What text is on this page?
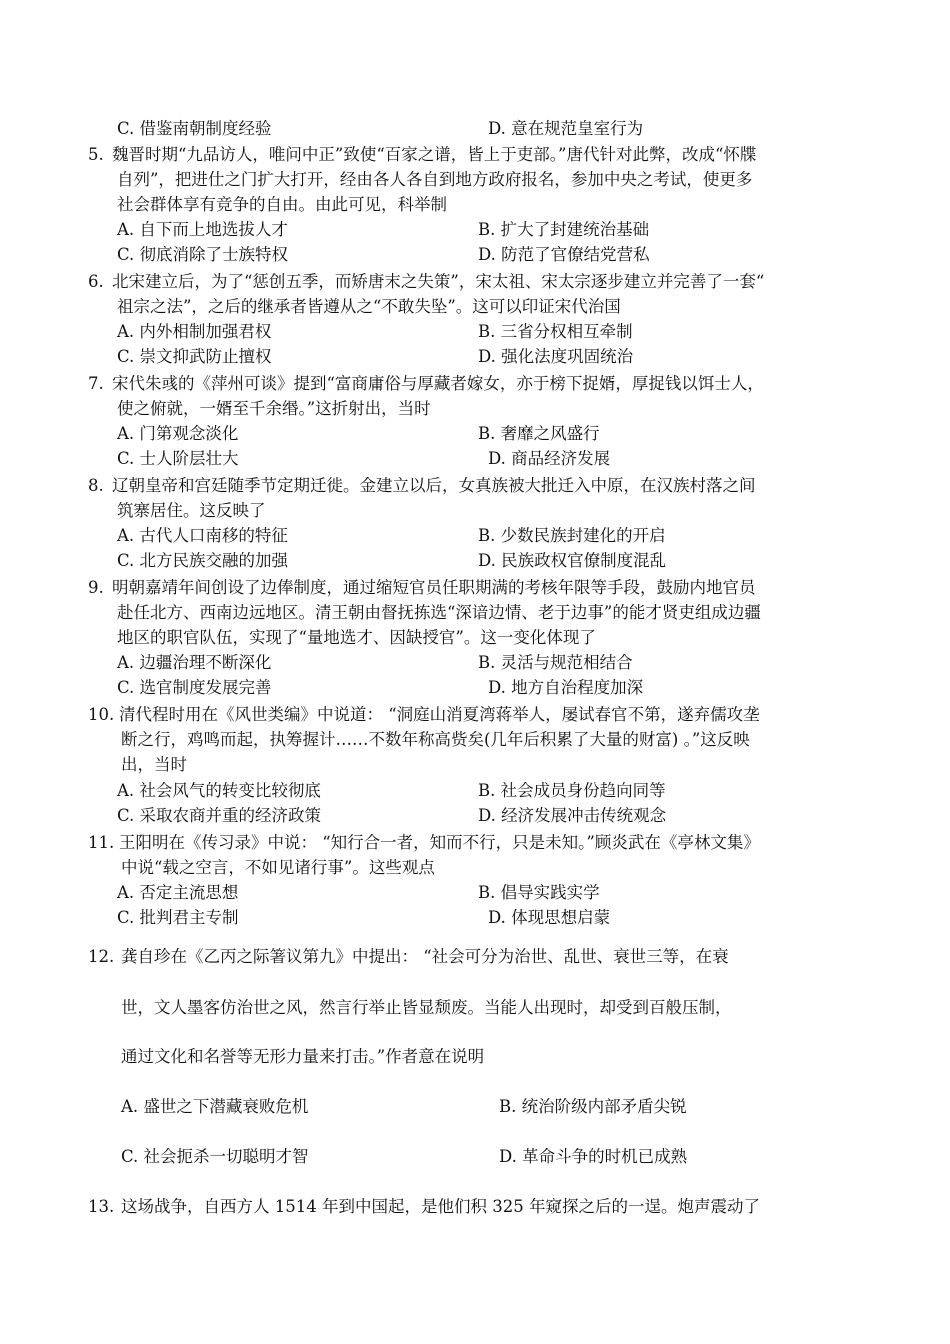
C. 借鉴南朝制度经验	D. 意在规范皇室行为
5. 魏晋时期“九品访人，唯问中正”致使“百家之谱，皆上于吏部。”唐代针对此弊，改成“怀牒
自列”，把进仕之门扩大打开，经由各人各自到地方政府报名，参加中央之考试，使更多
社会群体享有竞争的自由。由此可见，科举制
A. 自下而上地选拔人才	B. 扩大了封建统治基础
C. 彻底消除了士族特权	D. 防范了官僚结党营私
6. 北宋建立后，为了“惩创五季，而矫唐末之失策”，宋太祖、宋太宗逐步建立并完善了一套“
祖宗之法”，之后的继承者皆遵从之“不敢失坠”。这可以印证宋代治国
A. 内外相制加强君权	B. 三省分权相互牵制
C. 崇文抑武防止擅权	D. 强化法度巩固统治
7. 宋代朱彧的《萍州可谈》提到“富商庸俗与厚藏者嫁女，亦于榜下捉婿，厚捉钱以饵士人，
使之俯就，一婿至千余缗。”这折射出，当时
A. 门第观念淡化	B. 奢靡之风盛行
C. 士人阶层壮大	D. 商品经济发展
8. 辽朝皇帝和宫廷随季节定期迁徙。金建立以后，女真族被大批迁入中原，在汉族村落之间
筑寨居住。这反映了
A. 古代人口南移的特征	B. 少数民族封建化的开启
C. 北方民族交融的加强	D. 民族政权官僚制度混乱
9. 明朝嘉靖年间创设了边俸制度，通过缩短官员任职期满的考核年限等手段，鼓励内地官员
赴任北方、西南边远地区。清王朝由督抚拣选“深谙边情、老于边事”的能才贤吏组成边疆
地区的职官队伍，实现了“量地选才、因缺授官”。这一变化体现了
A. 边疆治理不断深化	B. 灵活与规范相结合
C. 选官制度发展完善	D. 地方自治程度加深
10. 清代程时用在《风世类编》中说道： “洞庭山消夏湾蒋举人，屡试春官不第，遂弃儒攻垄
断之行，鸡鸣而起，执筹握计……不数年称高赀矣(几年后积累了大量的财富) 。”这反映
出，当时
A. 社会风气的转变比较彻底	B. 社会成员身份趋向同等
C. 采取农商并重的经济政策	D. 经济发展冲击传统观念
11. 王阳明在《传习录》中说： “知行合一者，知而不行，只是未知。”顾炎武在《亭林文集》
中说“载之空言，不如见诸行事”。这些观点
A. 否定主流思想	B. 倡导实践实学
C. 批判君主专制	D. 体现思想启蒙
12. 龚自珍在《乙丙之际箸议第九》中提出： “社会可分为治世、乱世、衰世三等，在衰
世，文人墨客仿治世之风，然言行举止皆显颓废。当能人出现时，却受到百般压制，
通过文化和名誉等无形力量来打击。”作者意在说明
A. 盛世之下潜藏衰败危机	B. 统治阶级内部矛盾尖锐
C. 社会扼杀一切聪明才智	D. 革命斗争的时机已成熟
13. 这场战争，自西方人 1514 年到中国起，是他们积 325 年窥探之后的一逞。炮声震动了
